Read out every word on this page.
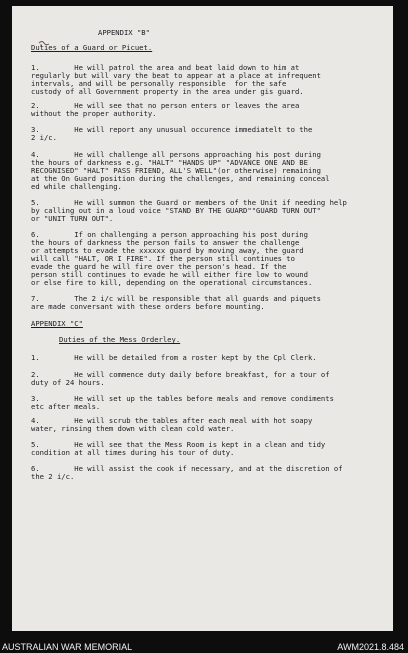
APPENDIX "B"
Duties of a Guard or Picuet.
1.        He will patrol the area and beat laid down to him at
regularly but will vary the beat to appear at a place at infrequent
intervals, and will be personally responsible  for the safe
custody of all Government property in the area under gis guard.
2.        He will see that no person enters or leaves the area
without the proper authority.
3.        He will report any unusual occurence immediatelt to the
2 i/c.
4.        He will challenge all persons approaching his post during
the hours of darkness e.g. "HALT" "HANDS UP" "ADVANCE ONE AND BE
RECOGNISED" "HALT" PASS FRIEND, ALL'S WELL"(or otherwise) remaining
at the On Guard position during the challenges, and remaining conceal
ed while challenging.
5.        He will summon the Guard or members of the Unit if needing help
by calling out in a loud voice "STAND BY THE GUARD""GUARD TURN OUT"
or "UNIT TURN OUT".
6.        If on challenging a person approaching his post during
the hours of darkness the person fails to answer the challenge
or attempts to evade the xxxxxx guard by moving away, the guard
will call "HALT, OR I FIRE". If the person still continues to
evade the guard he will fire over the person's head. If the
person still continues to evade he will either fire low to wound
or else fire to kill, depending on the operational circumstances.
7.        The 2 i/c will be responsible that all guards and piquets
are made conversant with these orders before mounting.
APPENDIX "C"
Duties of the Mess Orderley.
1.        He will be detailed from a roster kept by the Cpl Clerk.
2.        He will commence duty daily before breakfast, for a tour of
duty of 24 hours.
3.        He will set up the tables before meals and remove condiments
etc after meals.
4.        He will scrub the tables after each meal with hot soapy
water, rinsing them down with clean cold water.
5.        He will see that the Mess Room is kept in a clean and tidy
condition at all times during his tour of duty.
6.        He will assist the cook if necessary, and at the discretion of
the 2 i/c.
AUSTRALIAN WAR MEMORIAL	AWM2021.8.484
